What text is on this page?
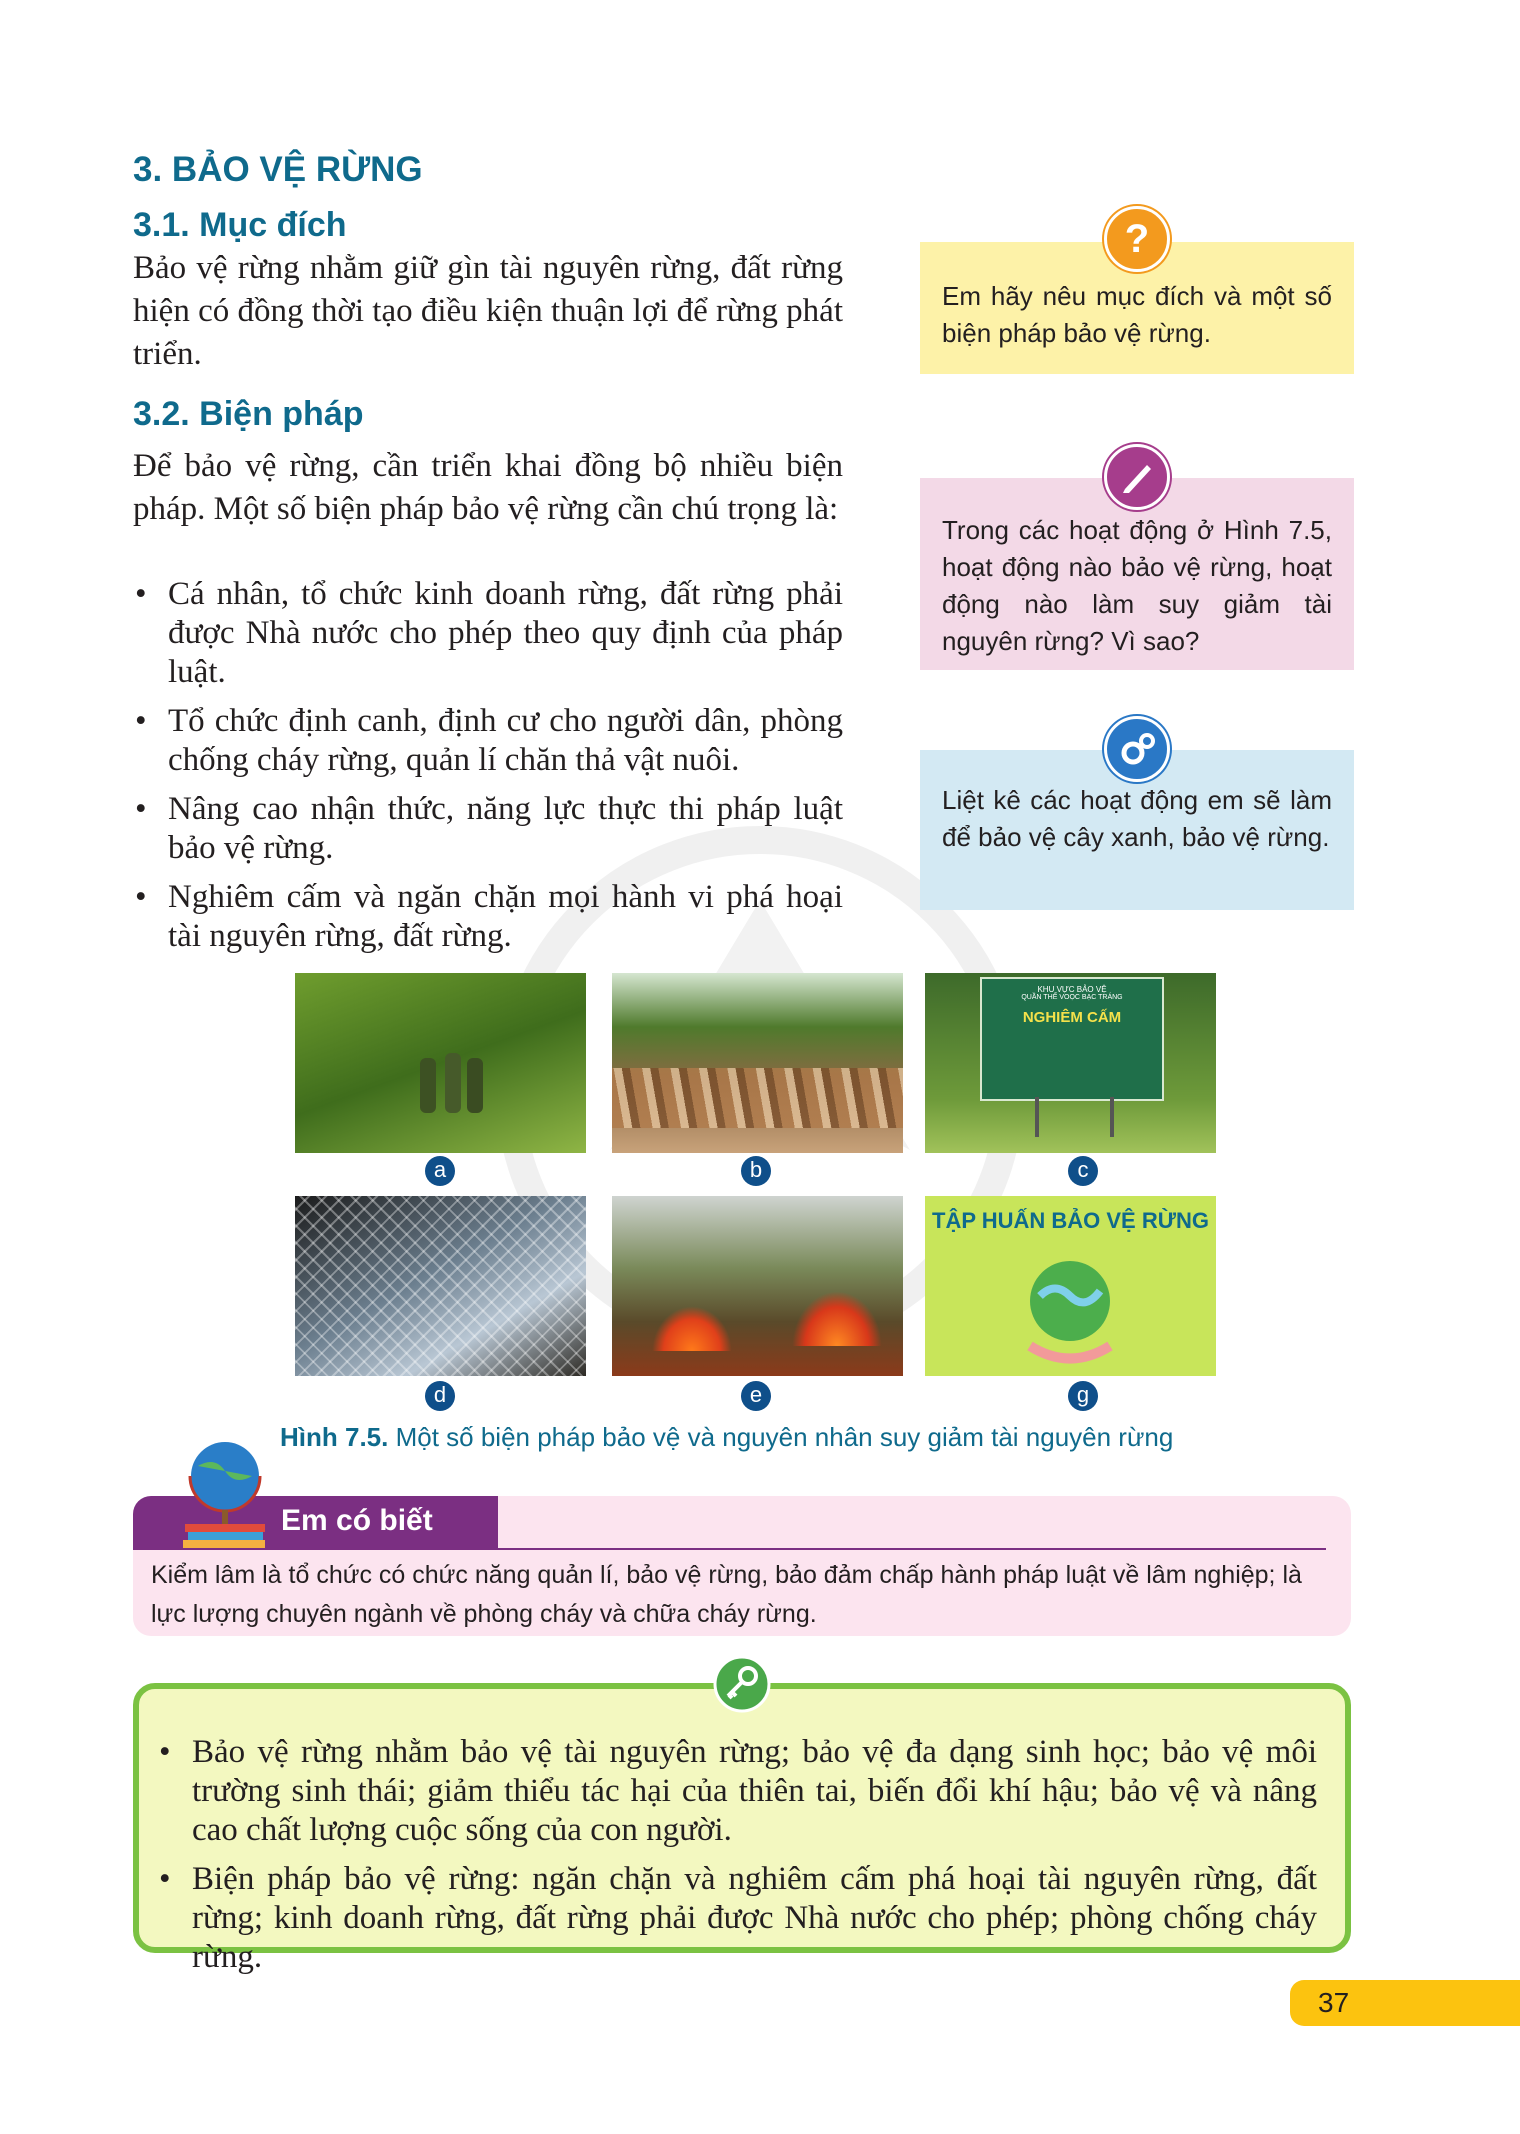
3. BẢO VỆ RỪNG
3.1. Mục đích
Bảo vệ rừng nhằm giữ gìn tài nguyên rừng, đất rừng hiện có đồng thời tạo điều kiện thuận lợi để rừng phát triển.
3.2. Biện pháp
Để bảo vệ rừng, cần triển khai đồng bộ nhiều biện pháp. Một số biện pháp bảo vệ rừng cần chú trọng là:
• Cá nhân, tổ chức kinh doanh rừng, đất rừng phải được Nhà nước cho phép theo quy định của pháp luật.
• Tổ chức định canh, định cư cho người dân, phòng chống cháy rừng, quản lí chăn thả vật nuôi.
• Nâng cao nhận thức, năng lực thực thi pháp luật bảo vệ rừng.
• Nghiêm cấm và ngăn chặn mọi hành vi phá hoại tài nguyên rừng, đất rừng.
?
Em hãy nêu mục đích và một số biện pháp bảo vệ rừng.
Trong các hoạt động ở Hình 7.5, hoạt động nào bảo vệ rừng, hoạt động nào làm suy giảm tài nguyên rừng? Vì sao?
Liệt kê các hoạt động em sẽ làm để bảo vệ cây xanh, bảo vệ rừng.
KHU VỰC BẢO VỆ
QUẦN THỂ VOỌC BẠC TRÁNG
NGHIÊM CẤM
TẬP HUẤN BẢO VỆ RỪNG
a	b	c
d	e	g
Hình 7.5. Một số biện pháp bảo vệ và nguyên nhân suy giảm tài nguyên rừng
Em có biết
Kiểm lâm là tổ chức có chức năng quản lí, bảo vệ rừng, bảo đảm chấp hành pháp luật về lâm nghiệp; là lực lượng chuyên ngành về phòng cháy và chữa cháy rừng.
• Bảo vệ rừng nhằm bảo vệ tài nguyên rừng; bảo vệ đa dạng sinh học; bảo vệ môi trường sinh thái; giảm thiểu tác hại của thiên tai, biến đổi khí hậu; bảo vệ và nâng cao chất lượng cuộc sống của con người.
• Biện pháp bảo vệ rừng: ngăn chặn và nghiêm cấm phá hoại tài nguyên rừng, đất rừng; kinh doanh rừng, đất rừng phải được Nhà nước cho phép; phòng chống cháy rừng.
37
